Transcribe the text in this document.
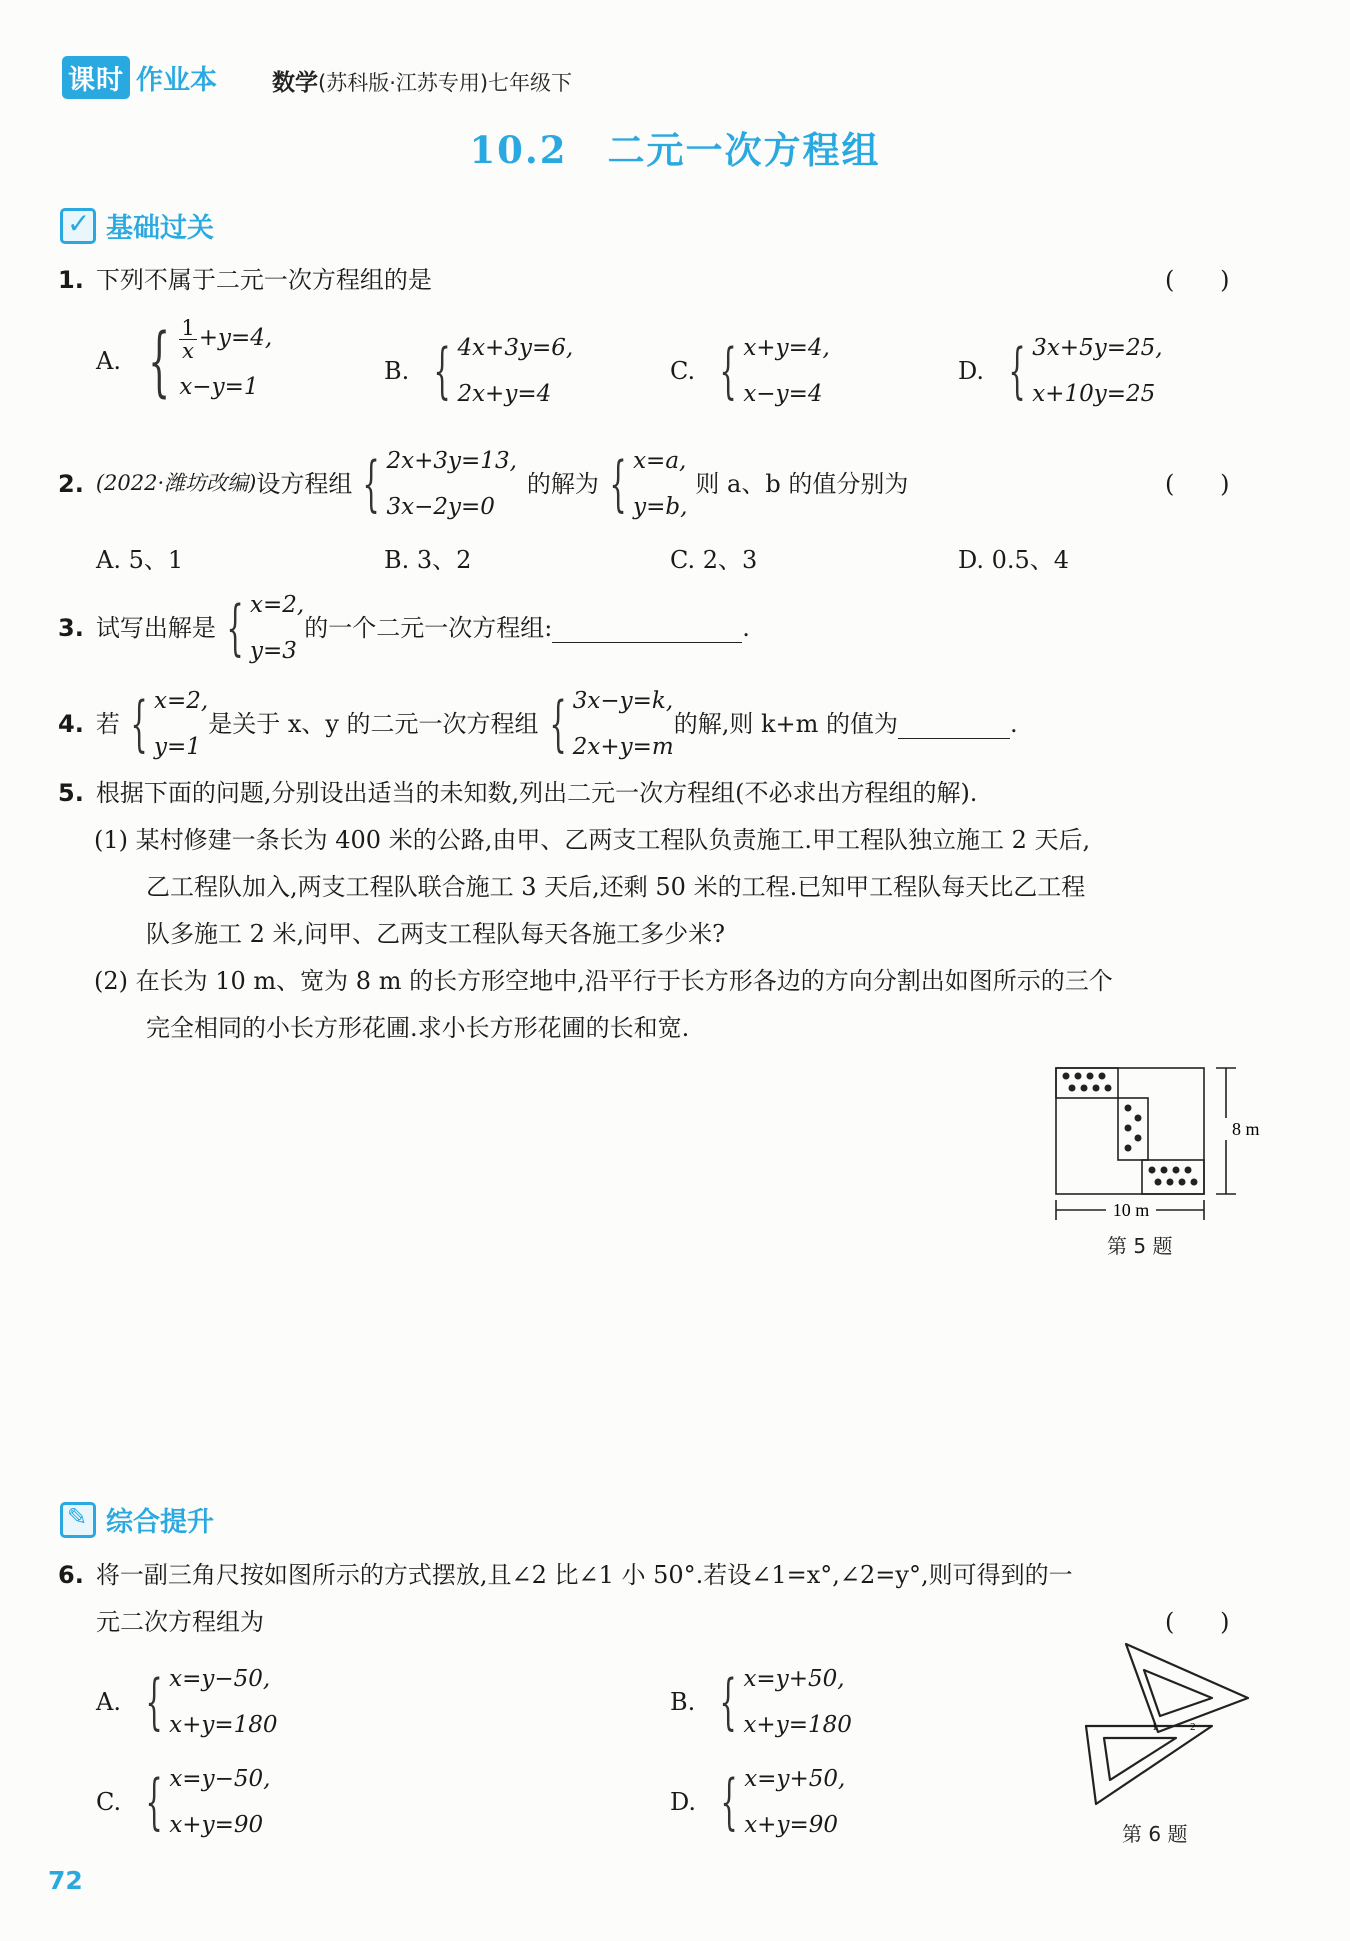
课时 作业本 数学(苏科版·江苏专用)七年级下
10.2 二元一次方程组
✓
基础过关
1. 下列不属于二元一次方程组的是	(      )
A. { $\frac{1}{x} +y=4$,
x−y=1
B. { 4x+3y=6,
2x+y=4
C. { x+y=4,
x−y=4
D. { 3x+5y=25,
x+10y=25
2. (2022·潍坊改编) 设方程组 { 2x+3y=13,
3x−2y=0
的解为 { x=a,
y=b,
则 a、b 的值分别为	(      )
A. 5、1	B. 3、2	C. 2、3	D. 0.5、4
3. 试写出解是 { x=2,
y=3
的一个二元一次方程组:	.
4. 若 { x=2,
y=1
是关于 x、y 的二元一次方程组 { 3x−y=k,
2x+y=m
的解,则 k+m 的值为	.
5. 根据下面的问题,分别设出适当的未知数,列出二元一次方程组(不必求出方程组的解).
(1) 某村修建一条长为 400 米的公路,由甲、乙两支工程队负责施工.甲工程队独立施工 2 天后,
乙工程队加入,两支工程队联合施工 3 天后,还剩 50 米的工程.已知甲工程队每天比乙工程
队多施工 2 米,问甲、乙两支工程队每天各施工多少米?
(2) 在长为 10 m、宽为 8 m 的长方形空地中,沿平行于长方形各边的方向分割出如图所示的三个
完全相同的小长方形花圃.求小长方形花圃的长和宽.
10 m
8 m
第 5 题
✎
综合提升
6. 将一副三角尺按如图所示的方式摆放,且∠2 比∠1 小 50°.若设∠1=x°,∠2=y°,则可得到的一
元二次方程组为	(      )
A. { x=y−50,
x+y=180
B. { x=y+50,
x+y=180
C. { x=y−50,
x+y=90
D. { x=y+50,
x+y=90
1	2
第 6 题
72
